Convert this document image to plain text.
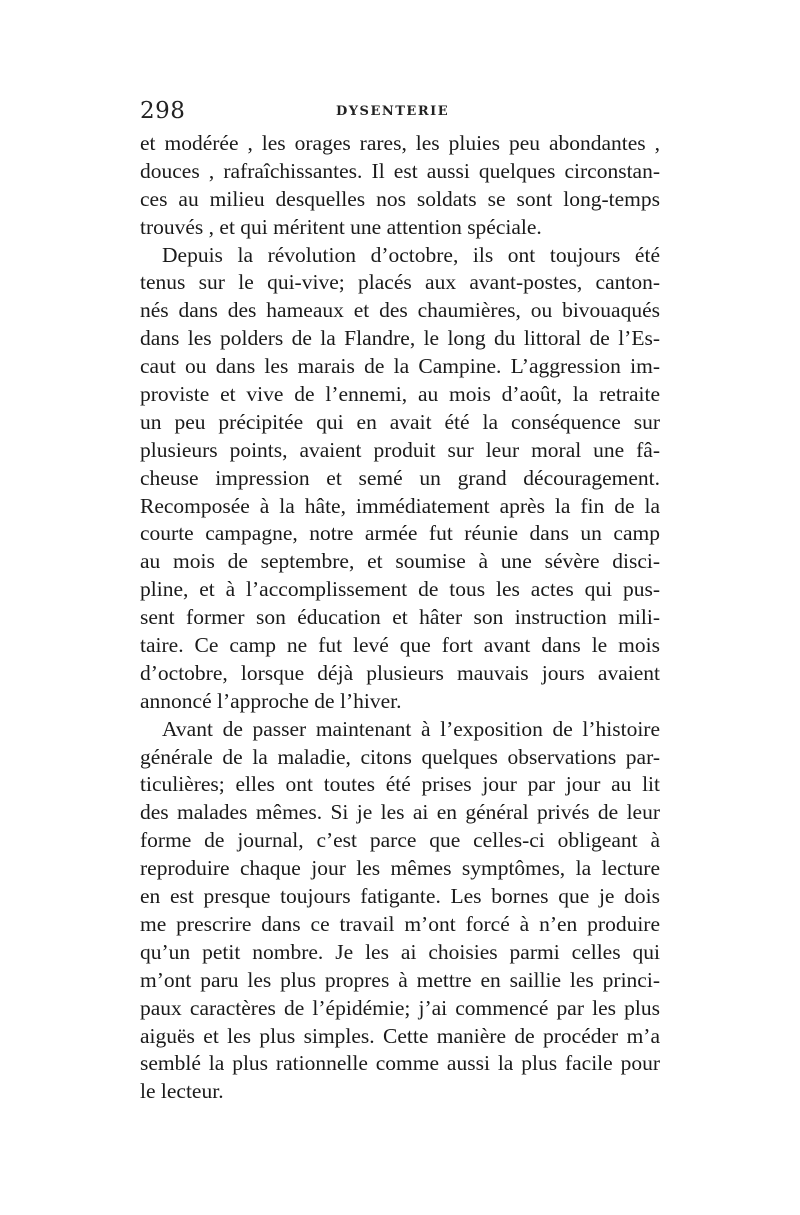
298	DYSENTERIE
et modérée , les orages rares, les pluies peu abondantes ,
douces , rafraîchissantes. Il est aussi quelques circonstan-
ces au milieu desquelles nos soldats se sont long-temps
trouvés , et qui méritent une attention spéciale.
Depuis la révolution d’octobre, ils ont toujours été
tenus sur le qui-vive; placés aux avant-postes, canton-
nés dans des hameaux et des chaumières, ou bivouaqués
dans les polders de la Flandre, le long du littoral de l’Es-
caut ou dans les marais de la Campine. L’aggression im-
proviste et vive de l’ennemi, au mois d’août, la retraite
un peu précipitée qui en avait été la conséquence sur
plusieurs points, avaient produit sur leur moral une fâ-
cheuse impression et semé un grand découragement.
Recomposée à la hâte, immédiatement après la fin de la
courte campagne, notre armée fut réunie dans un camp
au mois de septembre, et soumise à une sévère disci-
pline, et à l’accomplissement de tous les actes qui pus-
sent former son éducation et hâter son instruction mili-
taire. Ce camp ne fut levé que fort avant dans le mois
d’octobre, lorsque déjà plusieurs mauvais jours avaient
annoncé l’approche de l’hiver.
Avant de passer maintenant à l’exposition de l’histoire
générale de la maladie, citons quelques observations par-
ticulières; elles ont toutes été prises jour par jour au lit
des malades mêmes. Si je les ai en général privés de leur
forme de journal, c’est parce que celles-ci obligeant à
reproduire chaque jour les mêmes symptômes, la lecture
en est presque toujours fatigante. Les bornes que je dois
me prescrire dans ce travail m’ont forcé à n’en produire
qu’un petit nombre. Je les ai choisies parmi celles qui
m’ont paru les plus propres à mettre en saillie les princi-
paux caractères de l’épidémie; j’ai commencé par les plus
aiguës et les plus simples. Cette manière de procéder m’a
semblé la plus rationnelle comme aussi la plus facile pour
le lecteur.
